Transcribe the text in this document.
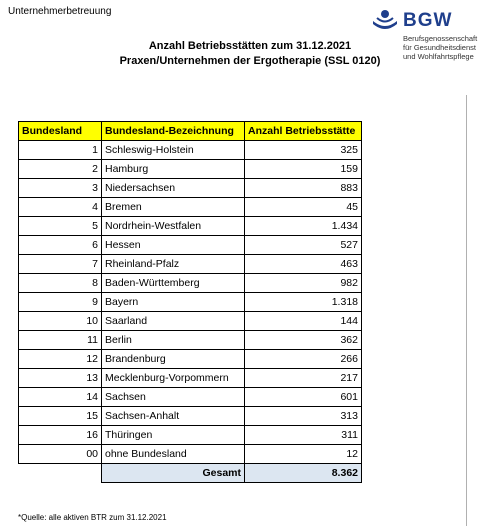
Unternehmerbetreuung	BGW
Berufsgenossenschaft
für Gesundheitsdienst
und Wohlfahrtspflege
Anzahl Betriebsstätten zum 31.12.2021
Praxen/Unternehmen der Ergotherapie (SSL 0120)
Bundesland	Bundesland-Bezeichnung	Anzahl Betriebsstätte
1	Schleswig-Holstein	325
2	Hamburg	159
3	Niedersachsen	883
4	Bremen	45
5	Nordrhein-Westfalen	1.434
6	Hessen	527
7	Rheinland-Pfalz	463
8	Baden-Württemberg	982
9	Bayern	1.318
10	Saarland	144
11	Berlin	362
12	Brandenburg	266
13	Mecklenburg-Vorpommern	217
14	Sachsen	601
15	Sachsen-Anhalt	313
16	Thüringen	311
00	ohne Bundesland	12
	Gesamt	8.362
*Quelle: alle aktiven BTR zum 31.12.2021
